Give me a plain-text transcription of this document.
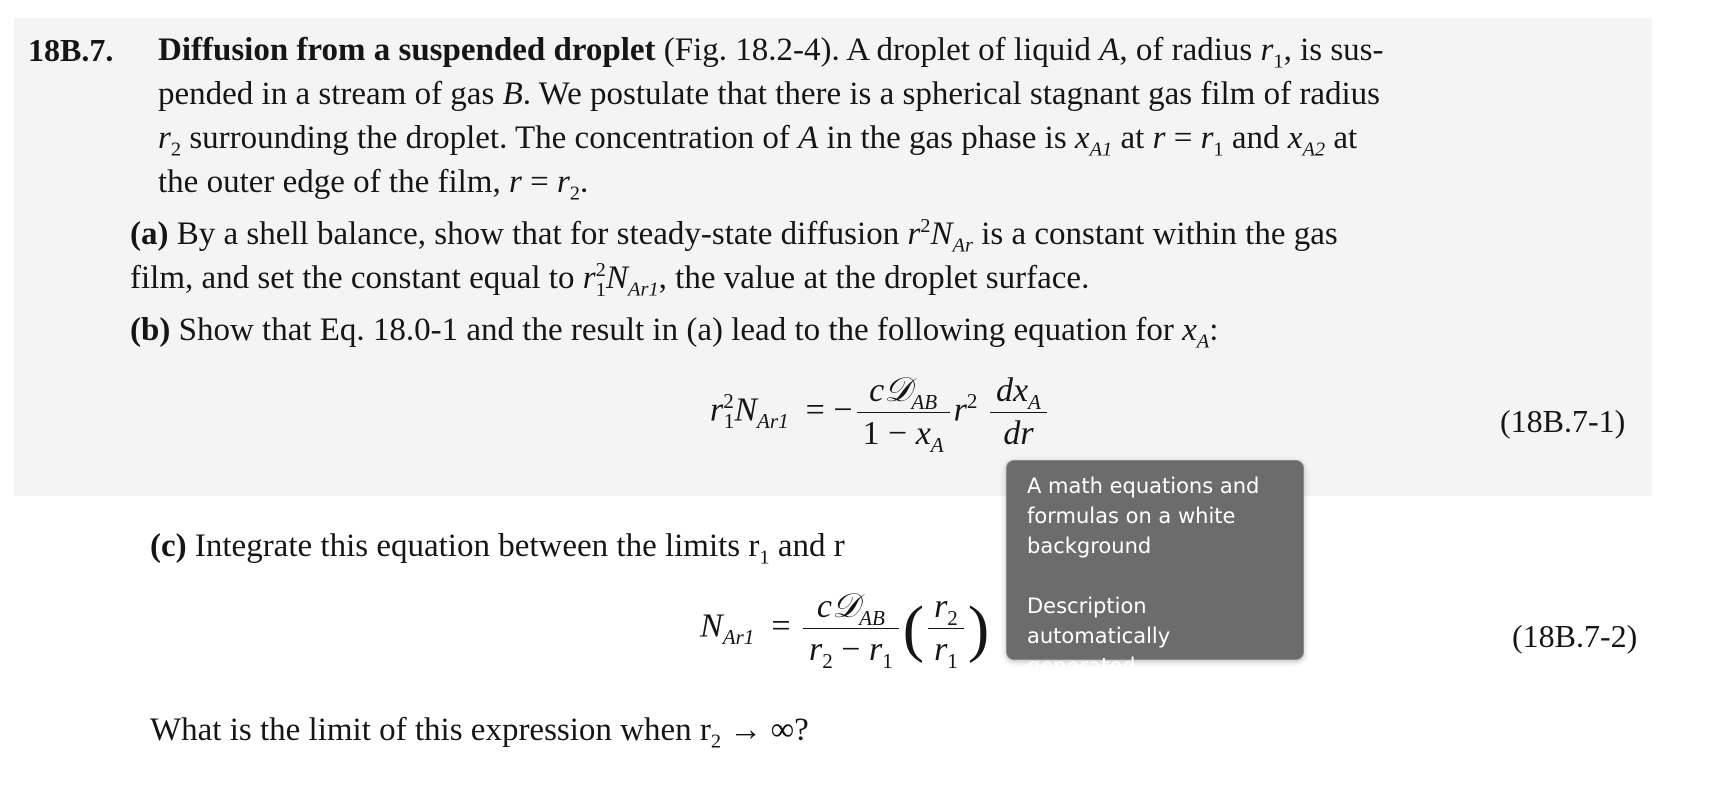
18B.7. Diffusion from a suspended droplet (Fig. 18.2-4). A droplet of liquid A, of radius $r_1$, is sus-
pended in a stream of gas B. We postulate that there is a spherical stagnant gas film of radius
$r_2$ surrounding the droplet. The concentration of A in the gas phase is $x_{A1}$ at $r = r_1$ and $x_{A2}$ at
the outer edge of the film, $r = r_2$.
(a) By a shell balance, show that for steady-state diffusion $r^2N_{Ar}$ is a constant within the gas
film, and set the constant equal to $r^2_1N_{Ar1}$, the value at the droplet surface.
(b) Show that Eq. 18.0-1 and the result in (a) lead to the following equation for $x_A$:
$r^2_1N_{Ar1}$  = − $\frac{c𝒟_{AB}}{1 - x_A} r^2 \frac{dx_A}{dr}$	(18B.7-1)
(c) Integrate this equation between the limits $r_1$ and r
$N_{Ar1} = \frac{c𝒟_{AB}}{r_2 - r_1}$ ( $\frac{r_2}{r_1}$ )	(18B.7-2)
What is the limit of this expression when $r_2$ → ∞?
A math equations and
formulas on a white
background
Description automatically
generated
